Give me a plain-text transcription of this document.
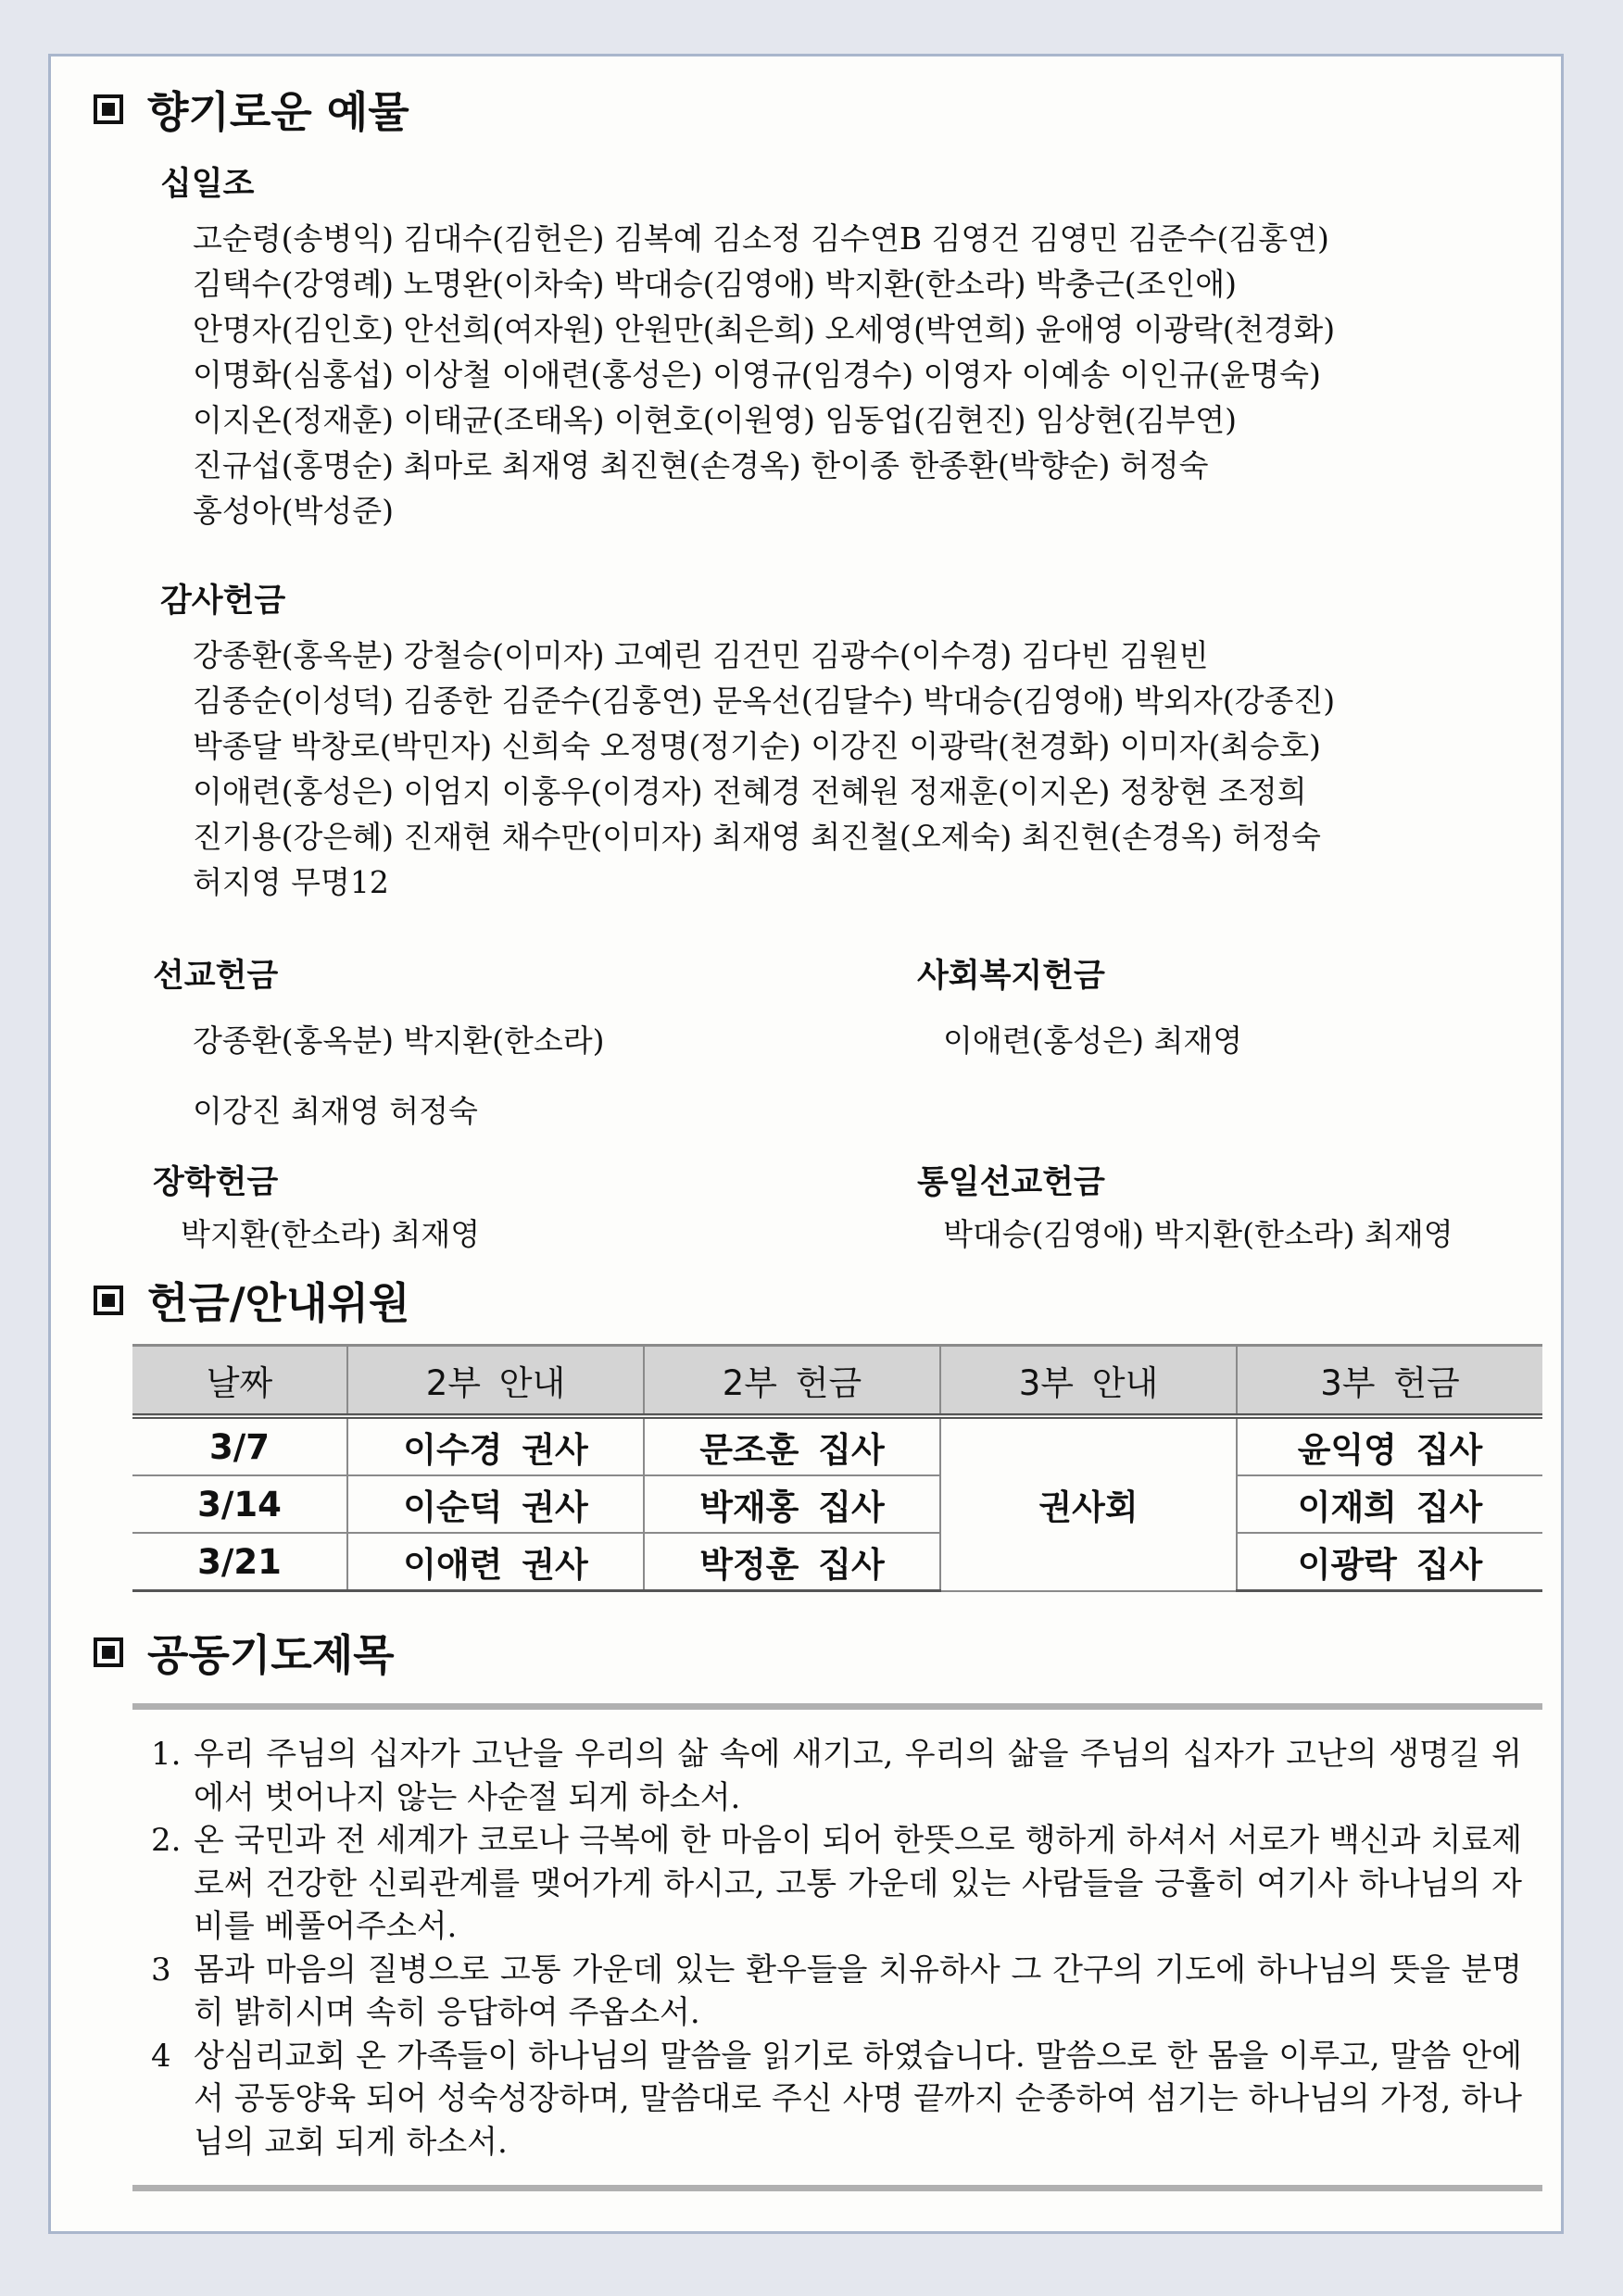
향기로운 예물
십일조
고순령(송병익) 김대수(김헌은) 김복예 김소정 김수연B 김영건 김영민 김준수(김홍연)
김택수(강영례) 노명완(이차숙) 박대승(김영애) 박지환(한소라) 박충근(조인애)
안명자(김인호) 안선희(여자원) 안원만(최은희) 오세영(박연희) 윤애영 이광락(천경화)
이명화(심홍섭) 이상철 이애련(홍성은) 이영규(임경수) 이영자 이예송 이인규(윤명숙)
이지온(정재훈) 이태균(조태옥) 이현호(이원영) 임동업(김현진) 임상현(김부연)
진규섭(홍명순) 최마로 최재영 최진현(손경옥) 한이종 한종환(박향순) 허정숙
홍성아(박성준)
감사헌금
강종환(홍옥분) 강철승(이미자) 고예린 김건민 김광수(이수경) 김다빈 김원빈
김종순(이성덕) 김종한 김준수(김홍연) 문옥선(김달수) 박대승(김영애) 박외자(강종진)
박종달 박창로(박민자) 신희숙 오정명(정기순) 이강진 이광락(천경화) 이미자(최승호)
이애련(홍성은) 이엄지 이홍우(이경자) 전혜경 전혜원 정재훈(이지온) 정창현 조정희
진기용(강은혜) 진재현 채수만(이미자) 최재영 최진철(오제숙) 최진현(손경옥) 허정숙
허지영 무명12
선교헌금
강종환(홍옥분) 박지환(한소라)
이강진 최재영 허정숙
사회복지헌금
이애련(홍성은) 최재영
장학헌금
박지환(한소라) 최재영
통일선교헌금
박대승(김영애) 박지환(한소라) 최재영
헌금/안내위원
날짜	2부 안내	2부 헌금	3부 안내	3부 헌금
3/7	이수경 권사	문조훈 집사	권사회	윤익영 집사
3/14	이순덕 권사	박재홍 집사		이재희 집사
3/21	이애련 권사	박정훈 집사		이광락 집사
공동기도제목
1. 우리 주님의 십자가 고난을 우리의 삶 속에 새기고, 우리의 삶을 주님의 십자가 고난의 생명길 위에서 벗어나지 않는 사순절 되게 하소서.
2. 온 국민과 전 세계가 코로나 극복에 한 마음이 되어 한뜻으로 행하게 하셔서 서로가 백신과 치료제로써 건강한 신뢰관계를 맺어가게 하시고, 고통 가운데 있는 사람들을 긍휼히 여기사 하나님의 자비를 베풀어주소서.
3 몸과 마음의 질병으로 고통 가운데 있는 환우들을 치유하사 그 간구의 기도에 하나님의 뜻을 분명히 밝히시며 속히 응답하여 주옵소서.
4 상심리교회 온 가족들이 하나님의 말씀을 읽기로 하였습니다. 말씀으로 한 몸을 이루고, 말씀 안에서 공동양육 되어 성숙성장하며, 말씀대로 주신 사명 끝까지 순종하여 섬기는 하나님의 가정, 하나님의 교회 되게 하소서.
